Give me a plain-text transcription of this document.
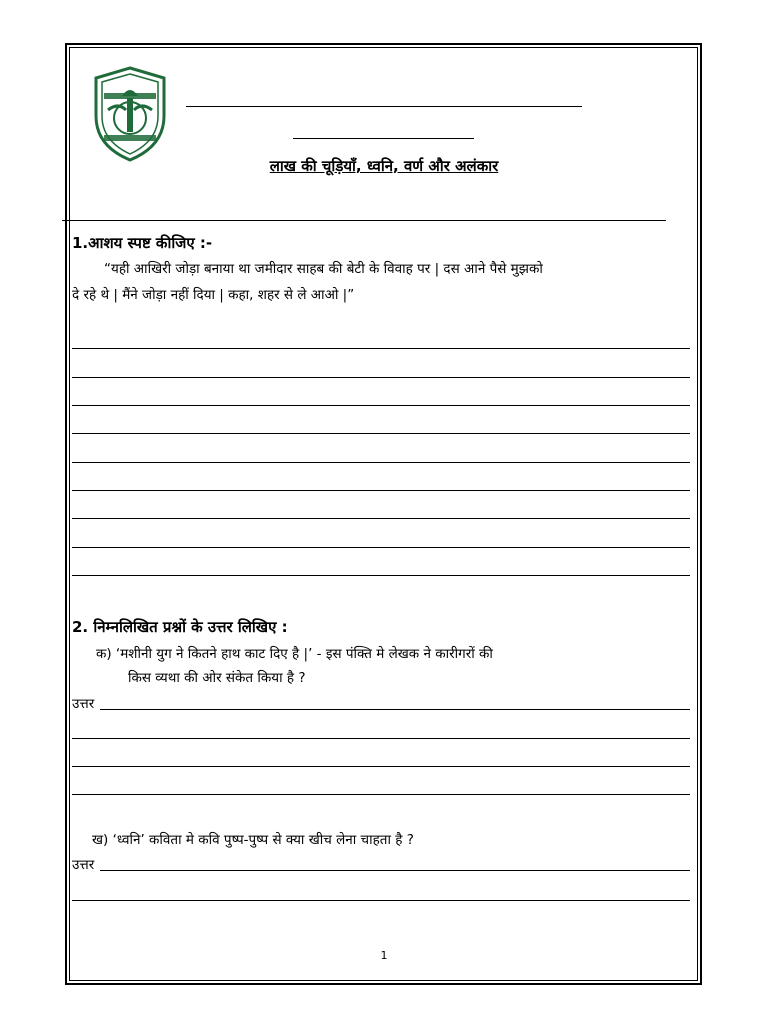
लाख की चूड़ियाँ, ध्वनि, वर्ण और अलंकार
1.आशय स्पष्ट कीजिए :-
“यही आखिरी जोड़ा बनाया था जमीदार साहब की बेटी के विवाह पर | दस आने पैसे मुझको
दे रहे थे | मैंने जोड़ा नहीं दिया | कहा, शहर से ले आओ |”
2. निम्नलिखित प्रश्नों के उत्तर लिखिए :
क) ‘मशीनी युग ने कितने हाथ काट दिए है |’ - इस पंक्ति मे लेखक ने कारीगरों की
किस व्यथा की ओर संकेत किया है ?
उत्तर
ख) ‘ध्वनि’ कविता मे कवि पुष्प-पुष्प से क्या खीच लेना चाहता है ?
उत्तर
1
